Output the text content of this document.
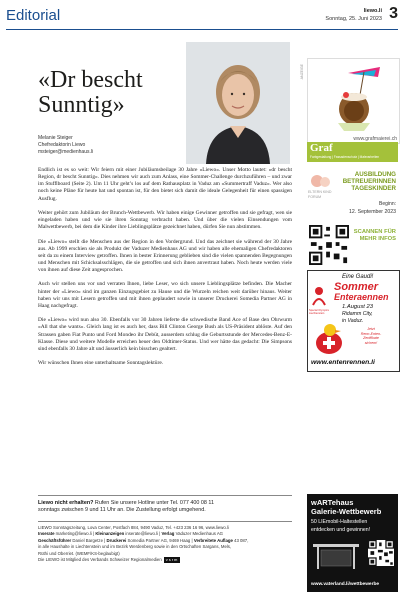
Editorial	liewo.li
Sonntag, 25. Juni 2023 3
«Dr bescht
Sunntig»
Melanie Steiger
Chefredaktorin Liewo
msteiger@medienhaus.li

Endlich ist es so weit: Wir feiern mit einer Jubiläumsbeilage 30 Jahre «Liewo». Unser Motto lautet: «dr bescht Region, dr bescht Sunntig». Dies nehmen wir auch zum Anlass, eine Sommer-Challenge durchzuführen – und zwar im Stufflboard (Seite 2). Um 11 Uhr geht’s los auf dem Rathausplatz in Vaduz am «Summertraff Vaduz». Wer also noch keine Pläne für heute hat und spontan ist, für den bietet sich damit die ideale Gelegenheit für einen spassigen Ausflug.

Weiter gehört zum Jubiläum der Brunch-Wettbewerb. Wir haben einige Gewinner getroffen und sie gefragt, wen sie eingeladen haben und wie sie ihren Sonntag verbracht haben. Und über die vielen Einsendungen vom Malwettbewerb, bei dem die Kinder ihre Lieblingsplätze gezeichnet haben, dürfen Sie nun abstimmen.

Die «Liewo» stellt die Menschen aus der Region in den Vordergrund. Und das zeichnet sie während der 30 Jahre aus. Ab 1999 erschien sie als Produkt der Vaduzer Medienhaus AG und wir haben alle ehemaligen Chefredaktoren seit da zu einem Interview getroffen. Ihnen in bester Erinnerung geblieben sind die vielen spannenden Begegnungen und Menschen mit Schicksalsschlägen, die sie getroffen und sich ihnen anvertraut haben. Noch heute werden viele von ihnen auf diese Zeit angesprochen.

Auch wir stellen uns vor und verraten Ihnen, liebe Leser, wo sich unsere Lieblingsplätze befinden. Die Macher hinter der «Liewo» sind im ganzen Einzugsgebiet zu Hause und die Wurzeln reichen weit darüber hinaus. Weiter haben wir uns mit Lesern getroffen und mit ihnen geplaudert sowie in unserer Druckerei Somedia Partner AG in Haag nachgefragt.

Die «Liewo» wird nun also 30. Ebenfalls vor 30 Jahren lieferte die schwedische Band Ace of Base den Ohrwurm «All that she wants». Gleich lang ist es auch her, dass Bill Clinton George Bush als US-Präsident ablöste. Auf den Strassen gaben Fiat Punto und Ford Mondeo ihr Debüt, ausserdem schlug die Geburtsstunde der Mercedes-Benz-E-Klasse. Diese und weitere Modelle erreichen heuer den Oldtimer-Status. Und wer hätte das gedacht: Die Simpsons sind ebenfalls 30 Jahre alt und äusserlich kein bisschen gealtert.

Wir wünschen Ihnen eine unterhaltsame Sonntagslektüre.

Liewo nicht erhalten? Rufen Sie unsere Hotline unter Tel. 077 400 08 11
sonntags zwischen 9 und 11 Uhr an. Die Zustellung erfolgt umgehend.
LIEWO Sonntagszeitung, Lova Center, Postfach 884, 9490 Vaduz, Tel. +423 236 16 96, www.liewo.li
Inserate marketing@liewo.li | Kleinanzeigen inserate@liewo.li | Verlag Vaduzer Medienhaus AG
Geschäftsführer Daniel Bargetze | Druckerei Somedia Partner AG, 9469 Haag | Verbreitete Auflage 43 087,
in alle Haushalte in Liechtenstein und im Bezirk Werdenberg sowie in den Ortschaften Sargans, Mels,
Rüthi und Oberriet. (WEMF/KS-beglaubigt)
Die LIEWO ist Mitglied des Verbands Schweizer Regionalmedien vsrm
ANZEIGE
www.grafmaierei.ch
Graf
Farbgestaltung | Fassadenschutz | Malerarbeiten
ELTERN KIND
FORUM
AUSBILDUNG
BETREUERINNEN
TAGESKINDER
Beginn:
12. September 2023
SCANNEN FÜR
MEHR INFOS
Special Olympics Liechtenstein
Eine Gaudi!
Sommer
Enteraennen
1.August 23
Ridamm City,
in Vaduz.
Jetzt
Renn-Enten-
Zertifikate
sichern!
www.entenrennen.li
wARTehaus
Galerie-Wettbewerb
50 LIEmobil-Haltestellen
entdecken und gewinnen!
www.vaterland.li/wettbewerbe
